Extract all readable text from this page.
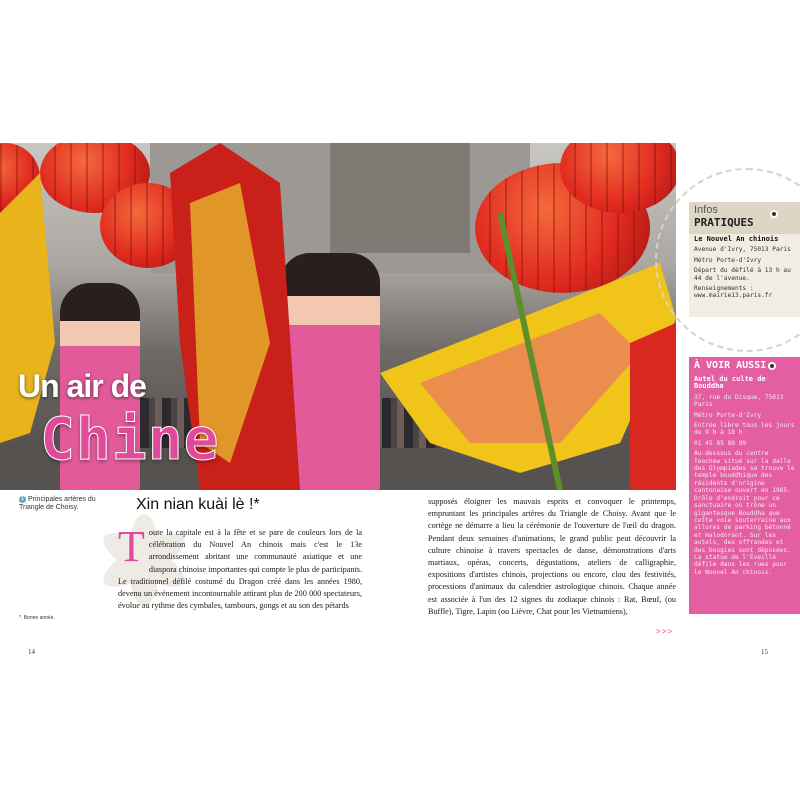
Un air de
Chine
1 Principales artères du Triangle de Choisy.
*. Bonne année.
Xin nian kuài lè !*
Toute la capitale est à la fête et se pare de couleurs lors de la célébration du Nouvel An chinois mais c'est le 13e arrondissement abritant une communauté asiatique et une diaspora chinoise importantes qui compte le plus de participants. Le traditionnel défilé costumé du Dragon créé dans les années 1980, devenu un événement incontournable attirant plus de 200 000 spectateurs, évolue au rythme des cymbales, tambours, gongs et au son des pétards
supposés éloigner les mauvais esprits et convoquer le printemps, empruntant les principales artères du Triangle de Choisy. Avant que le cortège ne démarre a lieu la cérémonie de l'ouverture de l'œil du dragon. Pendant deux semaines d'animations, le grand public peut découvrir la culture chinoise à travers spectacles de danse, démonstrations d'arts martiaux, opéras, concerts, dégustations, ateliers de calligraphie, expositions d'artistes chinois, projections ou encore, clou des festivités, processions d'animaux du calendrier astrologique chinois. Chaque année est associée à l'un des 12 signes du zodiaque chinois : Rat, Bœuf, (ou Buffle), Tigre, Lapin (ou Lièvre, Chat pour les Vietnamiens),
>>>
14	15
Infos
PRATIQUES

Le Nouvel An chinois

Avenue d'Ivry, 75013 Paris

Métro Porte-d'Ivry

Départ du défilé à 13 h au 44 de l'avenue.

Renseignements :

www.mairie13.paris.fr

À VOIR AUSSI

Autel du culte de Bouddha

37, rue du Disque, 75013 Paris

Métro Porte-d'Ivry

Entrée libre tous les jours de 9 h à 18 h

01 45 85 80 99

Au-dessous du centre Teochew situé sur la dalle des Olympiades se trouve le temple bouddhique des résidents d'origine cantonaise ouvert en 1985. Drôle d'endroit pour ce sanctuaire où trône un gigantesque Bouddha que cette voie souterraine aux allures de parking bétonné et malodorant. Sur les autels, des offrandes et des bougies sont déposées. La statue de l'Éveillé défile dans les rues pour le Nouvel An chinois.
